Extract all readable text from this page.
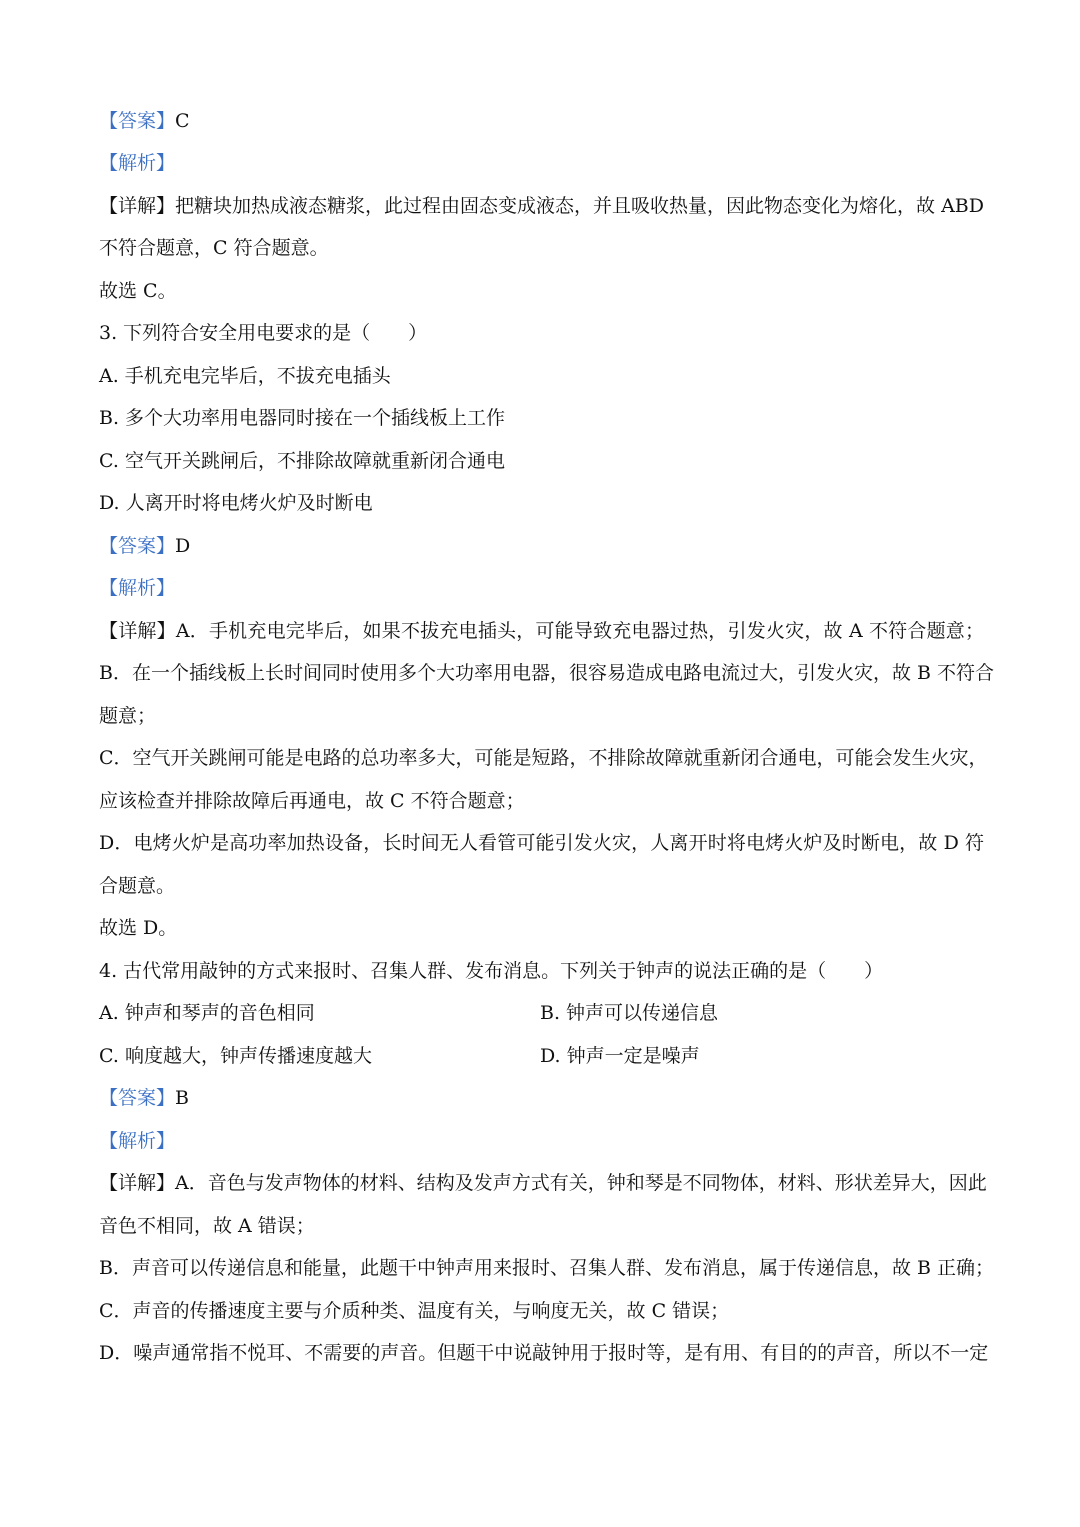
【答案】C
【解析】
【详解】把糖块加热成液态糖浆，此过程由固态变成液态，并且吸收热量，因此物态变化为熔化，故 ABD
不符合题意，C 符合题意。
故选 C。
3. 下列符合安全用电要求的是（　　）
A. 手机充电完毕后，不拔充电插头
B. 多个大功率用电器同时接在一个插线板上工作
C. 空气开关跳闸后，不排除故障就重新闭合通电
D. 人离开时将电烤火炉及时断电
【答案】D
【解析】
【详解】A．手机充电完毕后，如果不拔充电插头，可能导致充电器过热，引发火灾，故 A 不符合题意；
B．在一个插线板上长时间同时使用多个大功率用电器，很容易造成电路电流过大，引发火灾，故 B 不符合
题意；
C．空气开关跳闸可能是电路的总功率多大，可能是短路，不排除故障就重新闭合通电，可能会发生火灾，
应该检查并排除故障后再通电，故 C 不符合题意；
D．电烤火炉是高功率加热设备，长时间无人看管可能引发火灾，人离开时将电烤火炉及时断电，故 D 符
合题意。
故选 D。
4. 古代常用敲钟的方式来报时、召集人群、发布消息。下列关于钟声的说法正确的是（　　）
A. 钟声和琴声的音色相同	B. 钟声可以传递信息
C. 响度越大，钟声传播速度越大	D. 钟声一定是噪声
【答案】B
【解析】
【详解】A．音色与发声物体的材料、结构及发声方式有关，钟和琴是不同物体，材料、形状差异大，因此
音色不相同，故 A 错误；
B．声音可以传递信息和能量，此题干中钟声用来报时、召集人群、发布消息，属于传递信息，故 B 正确；
C．声音的传播速度主要与介质种类、温度有关，与响度无关，故 C 错误；
D．噪声通常指不悦耳、不需要的声音。但题干中说敲钟用于报时等，是有用、有目的的声音，所以不一定
